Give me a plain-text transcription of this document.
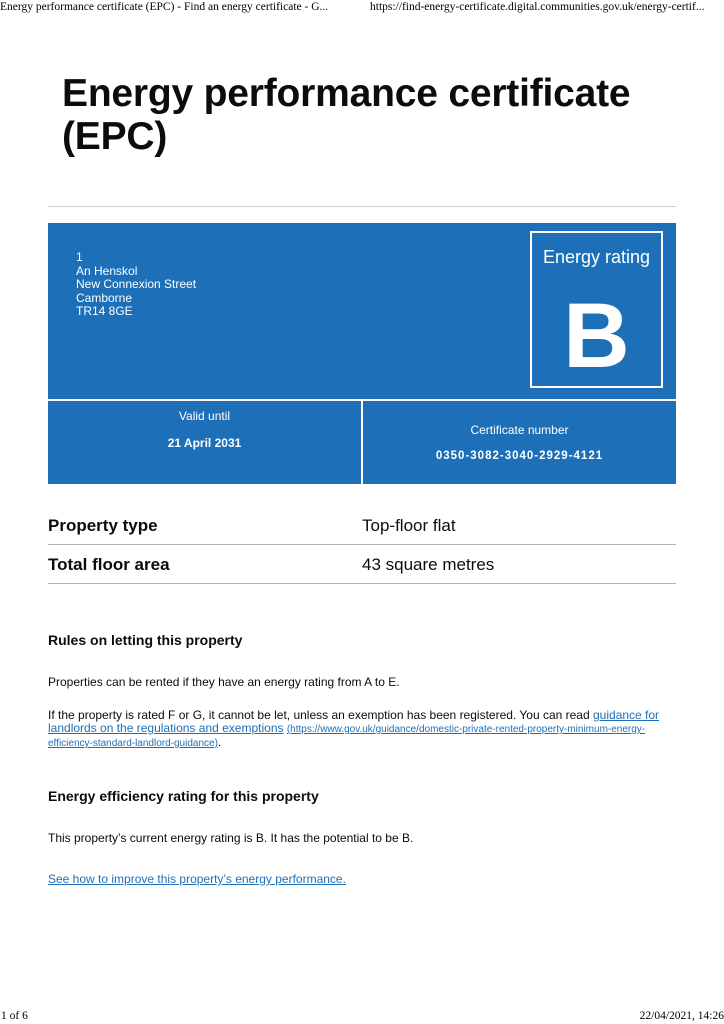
Energy performance certificate (EPC) - Find an energy certificate - G...	https://find-energy-certificate.digital.communities.gov.uk/energy-certif...
Energy performance certificate (EPC)
1
An Henskol
New Connexion Street
Camborne
TR14 8GE
Energy rating
B
Valid until
21 April 2031
Certificate number
0350-3082-3040-2929-4121
Property type	Top-floor flat
Total floor area	43 square metres
Rules on letting this property

Properties can be rented if they have an energy rating from A to E.

If the property is rated F or G, it cannot be let, unless an exemption has been registered. You can read guidance for landlords on the regulations and exemptions (https://www.gov.uk/guidance/domestic-private-rented-property-minimum-energy-efficiency-standard-landlord-guidance).

Energy efficiency rating for this property

This property’s current energy rating is B. It has the potential to be B.

See how to improve this property’s energy performance.

1 of 6	22/04/2021, 14:26
